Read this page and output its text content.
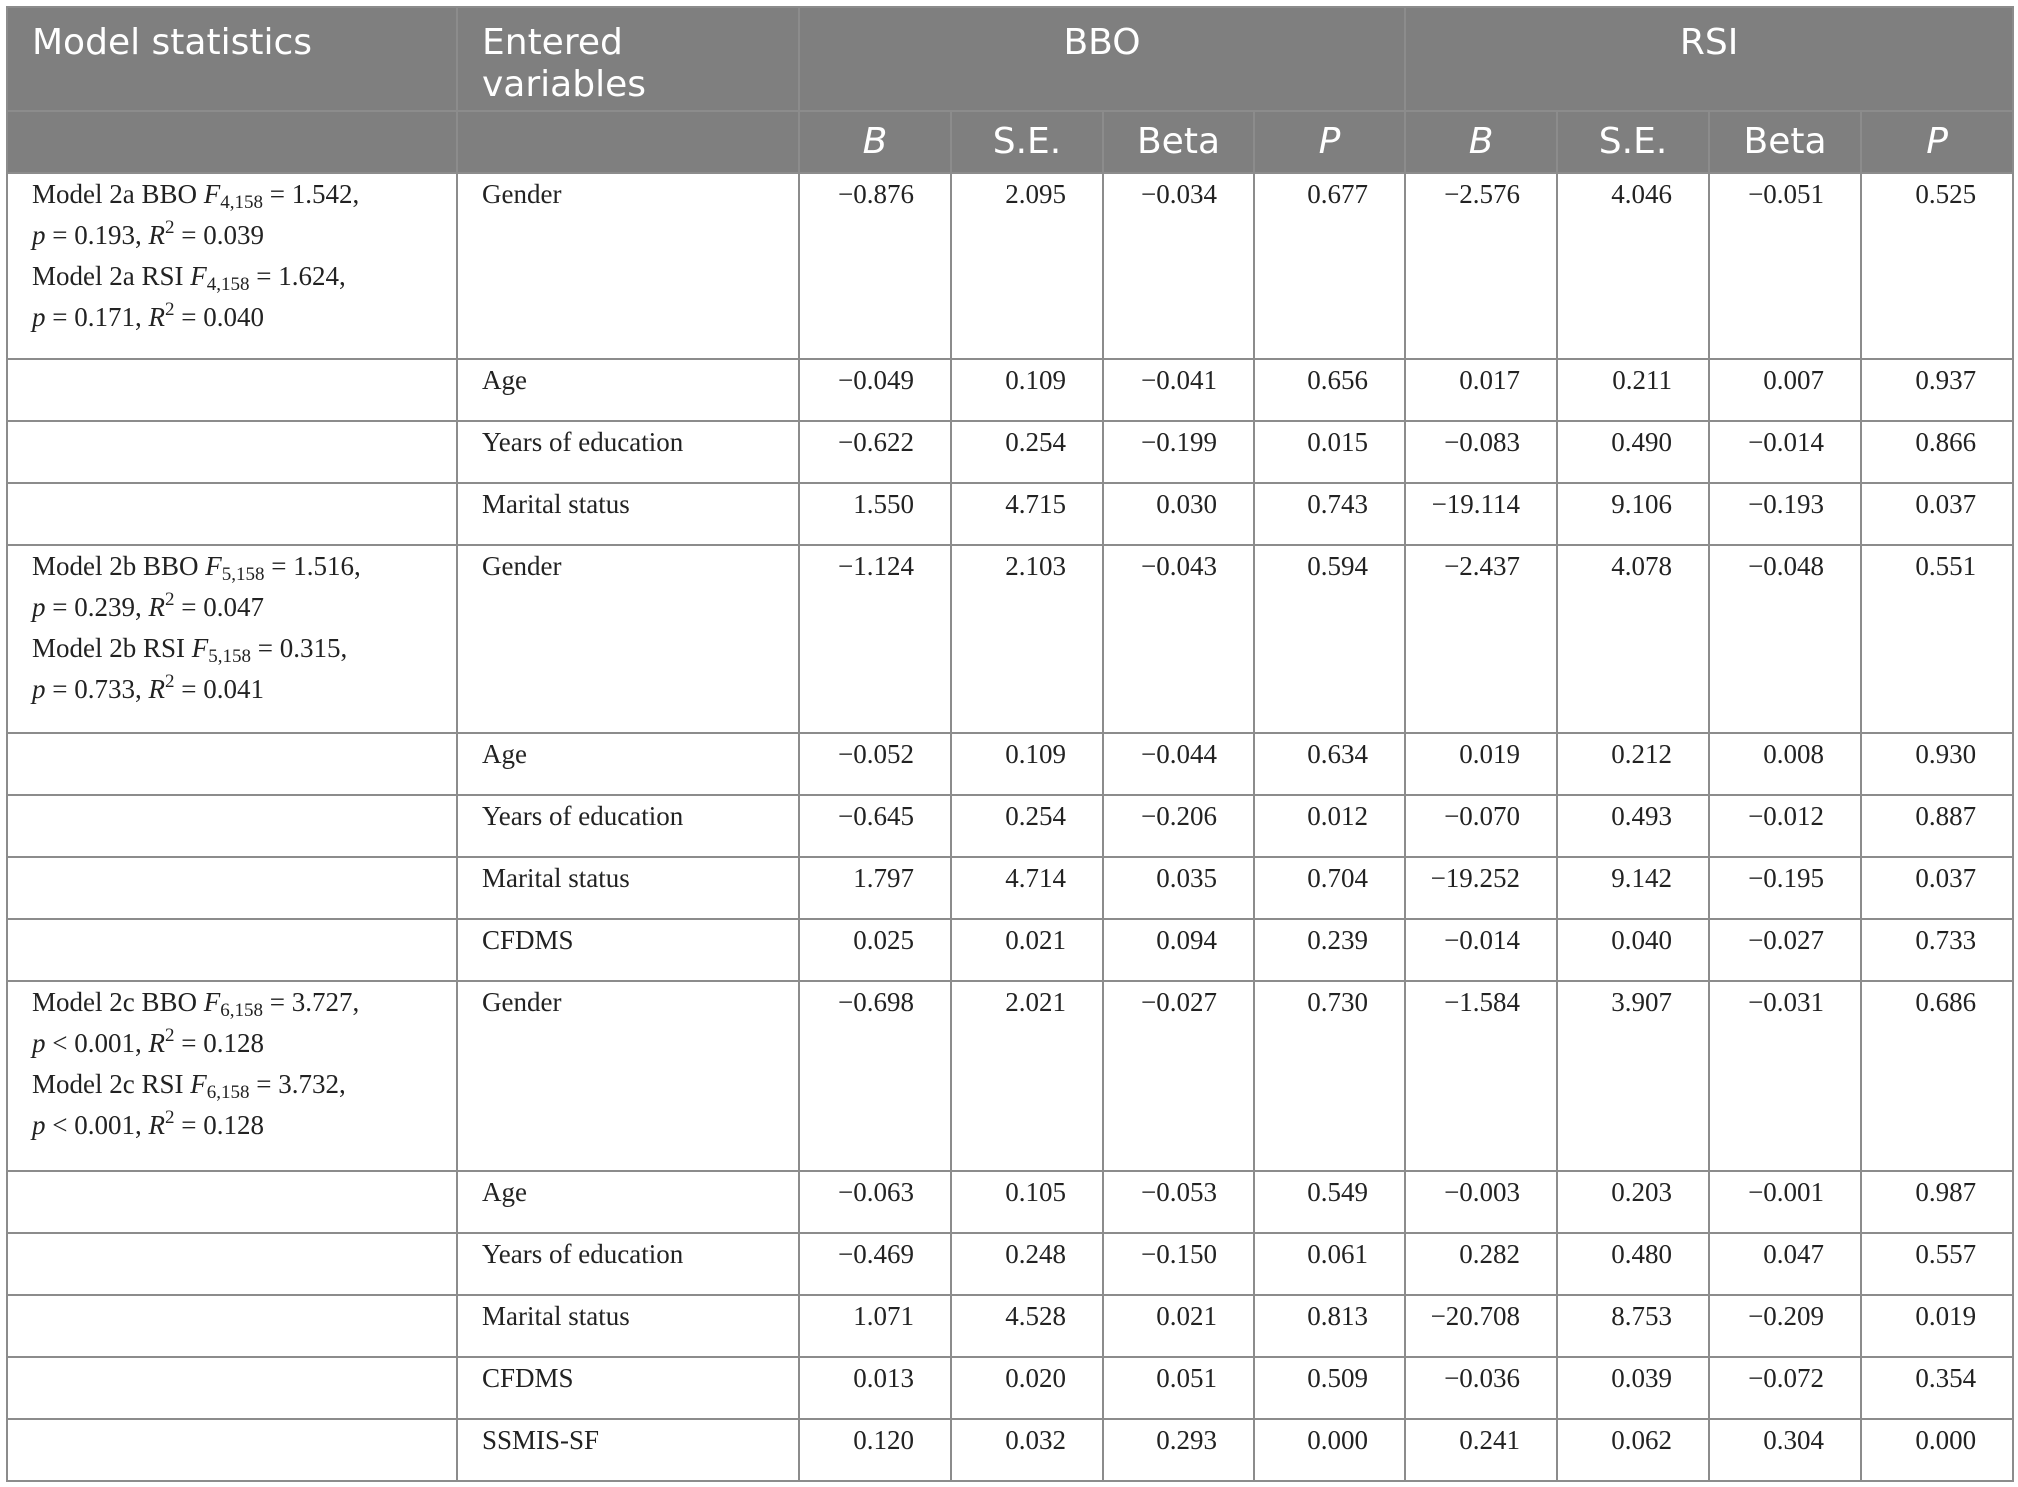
Model statistics	Entered variables	BBO				RSI			
		B	S.E.	Beta	P	B	S.E.	Beta	P

Model 2a BBO $F_{4,158} = 1.542$,
p = 0.193, $R^2 = 0.039$
Model 2a RSI $F_{4,158} = 1.624$,
p = 0.171, $R^2 = 0.040$	Gender	−0.876	2.095	−0.034	0.677	−2.576	4.046	−0.051	0.525
	Age	−0.049	0.109	−0.041	0.656	0.017	0.211	0.007	0.937
	Years of education	−0.622	0.254	−0.199	0.015	−0.083	0.490	−0.014	0.866
	Marital status	1.550	4.715	0.030	0.743	−19.114	9.106	−0.193	0.037

Model 2b BBO $F_{5,158} = 1.516$,
p = 0.239, $R^2 = 0.047$
Model 2b RSI $F_{5,158} = 0.315$,
p = 0.733, $R^2 = 0.041$	Gender	−1.124	2.103	−0.043	0.594	−2.437	4.078	−0.048	0.551
	Age	−0.052	0.109	−0.044	0.634	0.019	0.212	0.008	0.930
	Years of education	−0.645	0.254	−0.206	0.012	−0.070	0.493	−0.012	0.887
	Marital status	1.797	4.714	0.035	0.704	−19.252	9.142	−0.195	0.037
	CFDMS	0.025	0.021	0.094	0.239	−0.014	0.040	−0.027	0.733

Model 2c BBO $F_{6,158} = 3.727$,
p < 0.001, $R^2 = 0.128$
Model 2c RSI $F_{6,158} = 3.732$,
p < 0.001, $R^2 = 0.128$	Gender	−0.698	2.021	−0.027	0.730	−1.584	3.907	−0.031	0.686
	Age	−0.063	0.105	−0.053	0.549	−0.003	0.203	−0.001	0.987
	Years of education	−0.469	0.248	−0.150	0.061	0.282	0.480	0.047	0.557
	Marital status	1.071	4.528	0.021	0.813	−20.708	8.753	−0.209	0.019
	CFDMS	0.013	0.020	0.051	0.509	−0.036	0.039	−0.072	0.354
	SSMIS-SF	0.120	0.032	0.293	0.000	0.241	0.062	0.304	0.000
